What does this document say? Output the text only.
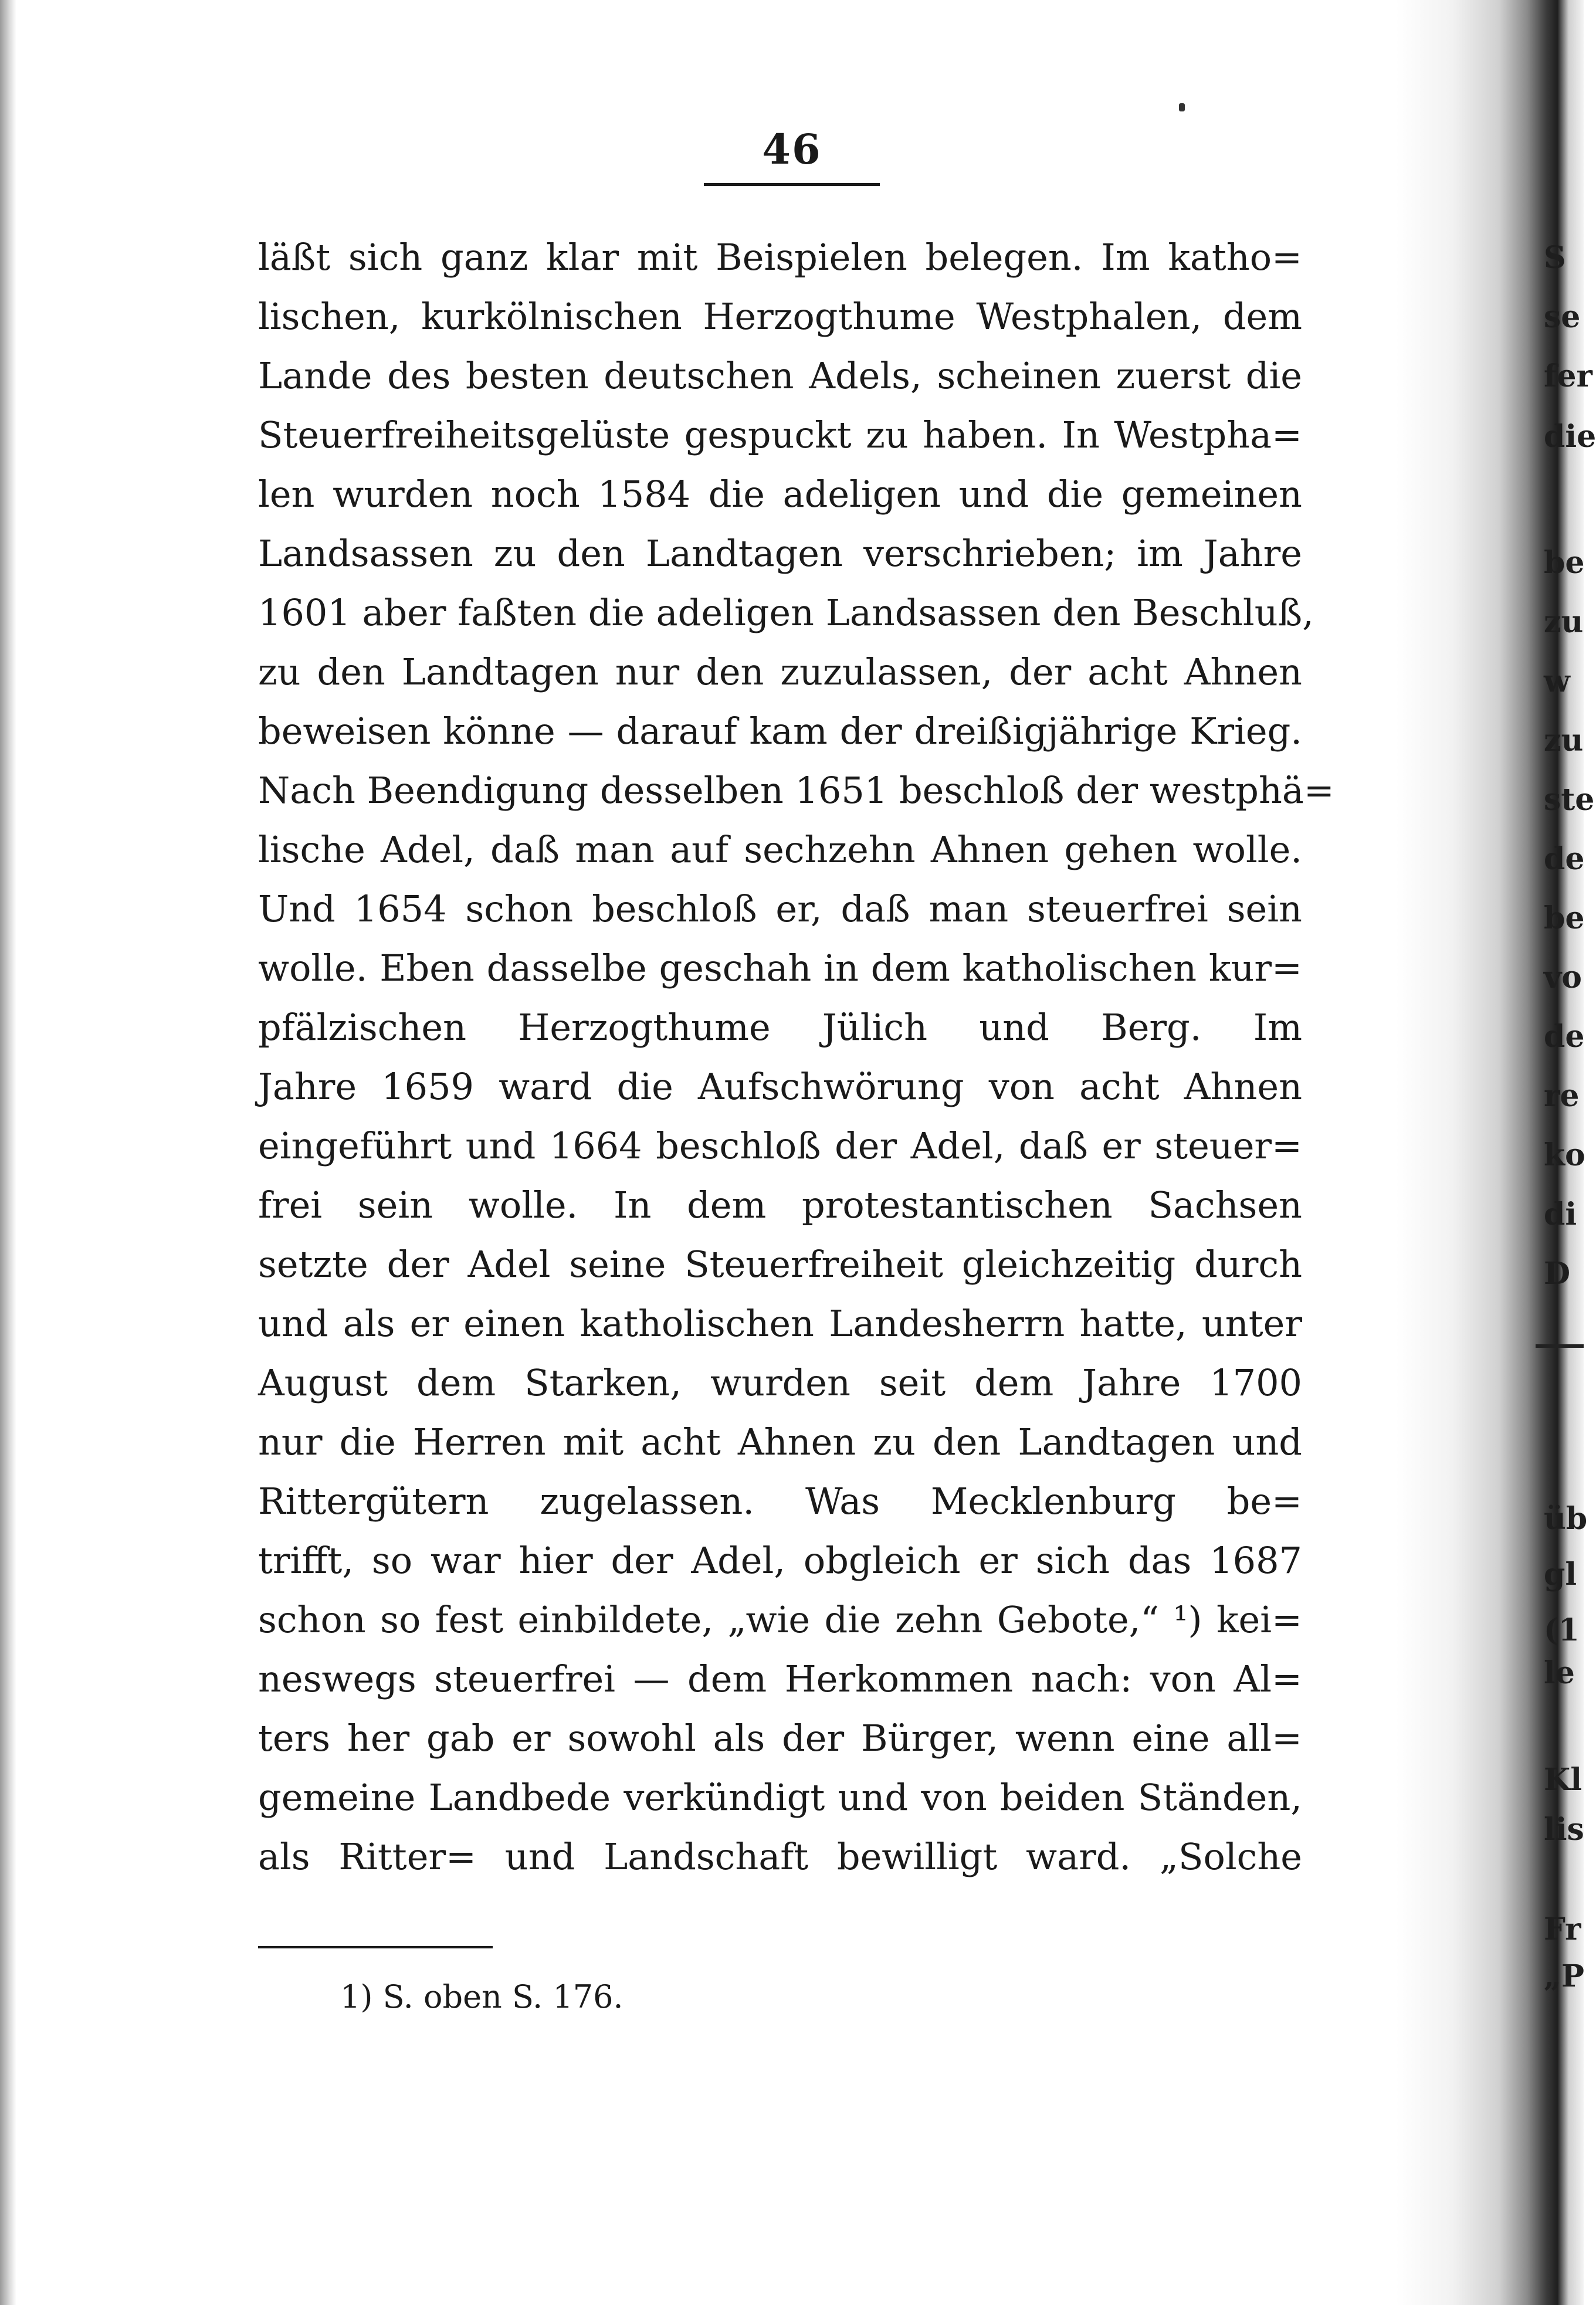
46
läßt sich ganz klar mit Beispielen belegen. Im katho=
lischen, kurkölnischen Herzogthume Westphalen, dem
Lande des besten deutschen Adels, scheinen zuerst die
Steuerfreiheitsgelüste gespuckt zu haben. In Westpha=
len wurden noch 1584 die adeligen und die gemeinen
Landsassen zu den Landtagen verschrieben; im Jahre
1601 aber faßten die adeligen Landsassen den Beschluß,
zu den Landtagen nur den zuzulassen, der acht Ahnen
beweisen könne — darauf kam der dreißigjährige Krieg.
Nach Beendigung desselben 1651 beschloß der westphä=
lische Adel, daß man auf sechzehn Ahnen gehen wolle.
Und 1654 schon beschloß er, daß man steuerfrei sein
wolle. Eben dasselbe geschah in dem katholischen kur=
pfälzischen Herzogthume Jülich und Berg. Im
Jahre 1659 ward die Aufschwörung von acht Ahnen
eingeführt und 1664 beschloß der Adel, daß er steuer=
frei sein wolle. In dem protestantischen Sachsen
setzte der Adel seine Steuerfreiheit gleichzeitig durch
und als er einen katholischen Landesherrn hatte, unter
August dem Starken, wurden seit dem Jahre 1700
nur die Herren mit acht Ahnen zu den Landtagen und
Rittergütern zugelassen. Was Mecklenburg be=
trifft, so war hier der Adel, obgleich er sich das 1687
schon so fest einbildete, „wie die zehn Gebote,“ ¹) kei=
neswegs steuerfrei — dem Herkommen nach: von Al=
ters her gab er sowohl als der Bürger, wenn eine all=
gemeine Landbede verkündigt und von beiden Ständen,
als Ritter= und Landschaft bewilligt ward. „Solche
1) S. oben S. 176.
S
se
fer
die
be
zu
w
zu
ste
de
be
vo
de
re
ko
di
D
üb
gl
(1
le
Kl
lis
Fr
„P
